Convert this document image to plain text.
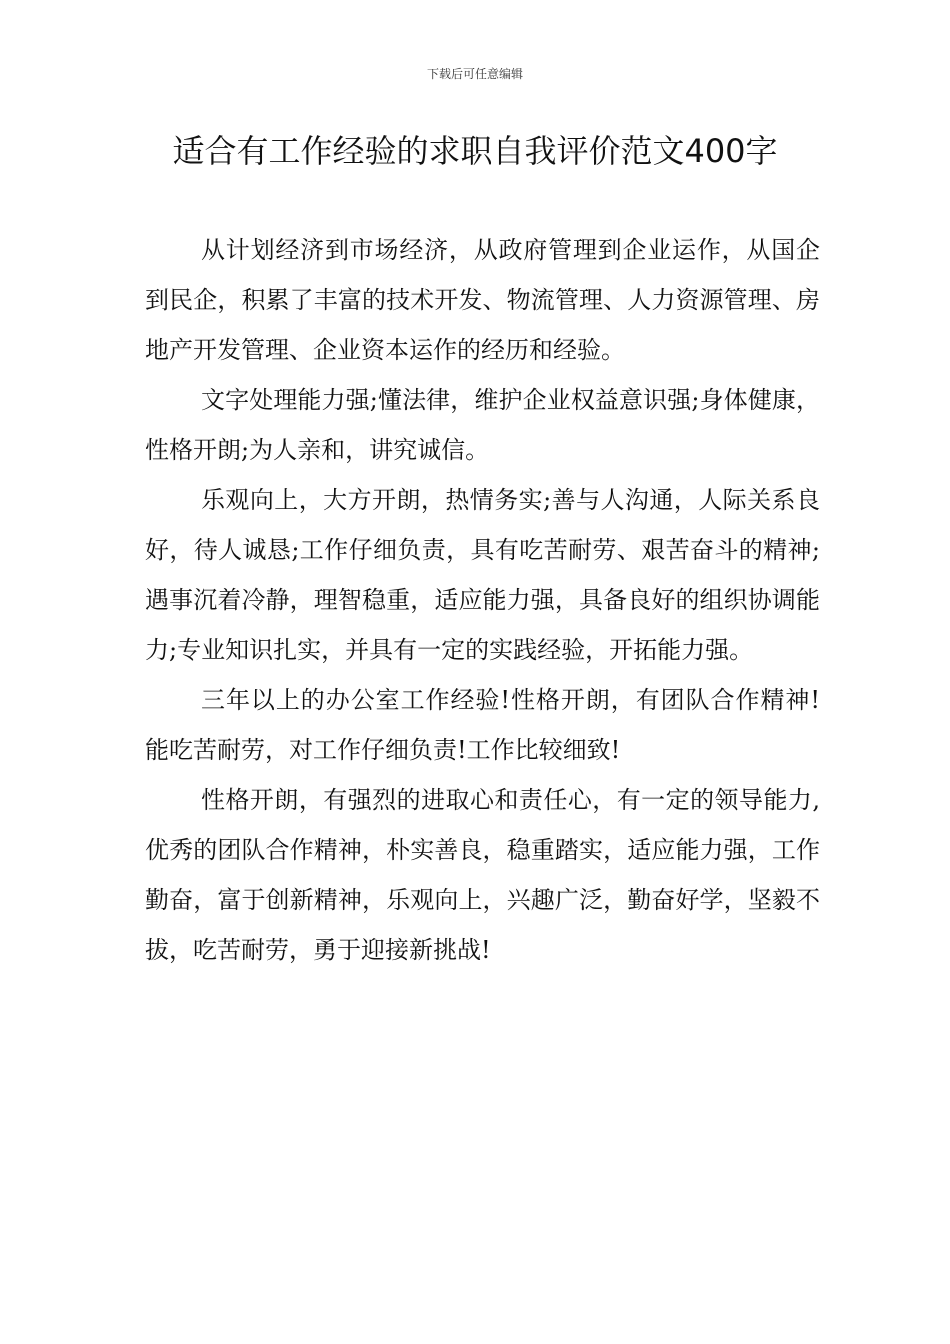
下载后可任意编辑
适合有工作经验的求职自我评价范文400字

从计划经济到市场经济，从政府管理到企业运作，从国企到民企，积累了丰富的技术开发、物流管理、人力资源管理、房地产开发管理、企业资本运作的经历和经验。

文字处理能力强;懂法律，维护企业权益意识强;身体健康，性格开朗;为人亲和，讲究诚信。

乐观向上，大方开朗，热情务实;善与人沟通，人际关系良好，待人诚恳;工作仔细负责，具有吃苦耐劳、艰苦奋斗的精神;遇事沉着冷静，理智稳重，适应能力强，具备良好的组织协调能力;专业知识扎实，并具有一定的实践经验，开拓能力强。

三年以上的办公室工作经验!性格开朗，有团队合作精神!能吃苦耐劳，对工作仔细负责!工作比较细致!

性格开朗，有强烈的进取心和责任心，有一定的领导能力,优秀的团队合作精神，朴实善良，稳重踏实，适应能力强，工作勤奋，富于创新精神，乐观向上，兴趣广泛，勤奋好学，坚毅不拔，吃苦耐劳，勇于迎接新挑战!
